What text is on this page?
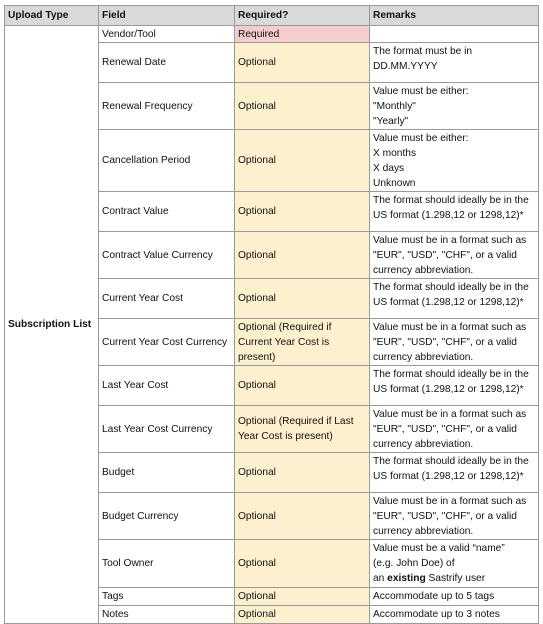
Upload Type	Field	Required?	Remarks
Subscription List	Vendor/Tool	Required	
	Renewal Date	Optional	The format must be in
DD.MM.YYYY

	Renewal Frequency	Optional	Value must be either:
"Monthly"
"Yearly"

	Cancellation Period	Optional	Value must be either:
X months
X days
Unknown

	Contract Value	Optional	The format should ideally be in the
US format (1.298,12 or 1298,12)*

	Contract Value Currency	Optional	Value must be in a format such as
"EUR", "USD", "CHF", or a valid
currency abbreviation.

	Current Year Cost	Optional	The format should ideally be in the
US format (1.298,12 or 1298,12)*

	Current Year Cost Currency	Optional (Required if Current Year Cost is present)	Value must be in a format such as
"EUR", "USD", "CHF", or a valid
currency abbreviation.

	Last Year Cost	Optional	The format should ideally be in the
US format (1.298,12 or 1298,12)*

	Last Year Cost Currency	Optional (Required if Last Year Cost is present)	Value must be in a format such as
"EUR", "USD", "CHF", or a valid
currency abbreviation.

	Budget	Optional	The format should ideally be in the
US format (1.298,12 or 1298,12)*

	Budget Currency	Optional	Value must be in a format such as
"EUR", "USD", "CHF", or a valid
currency abbreviation.

	Tool Owner	Optional	Value must be a valid “name”
(e.g. John Doe) of
an existing Sastrify user

	Tags	Optional	Accommodate up to 5 tags

	Notes	Optional	Accommodate up to 3 notes
